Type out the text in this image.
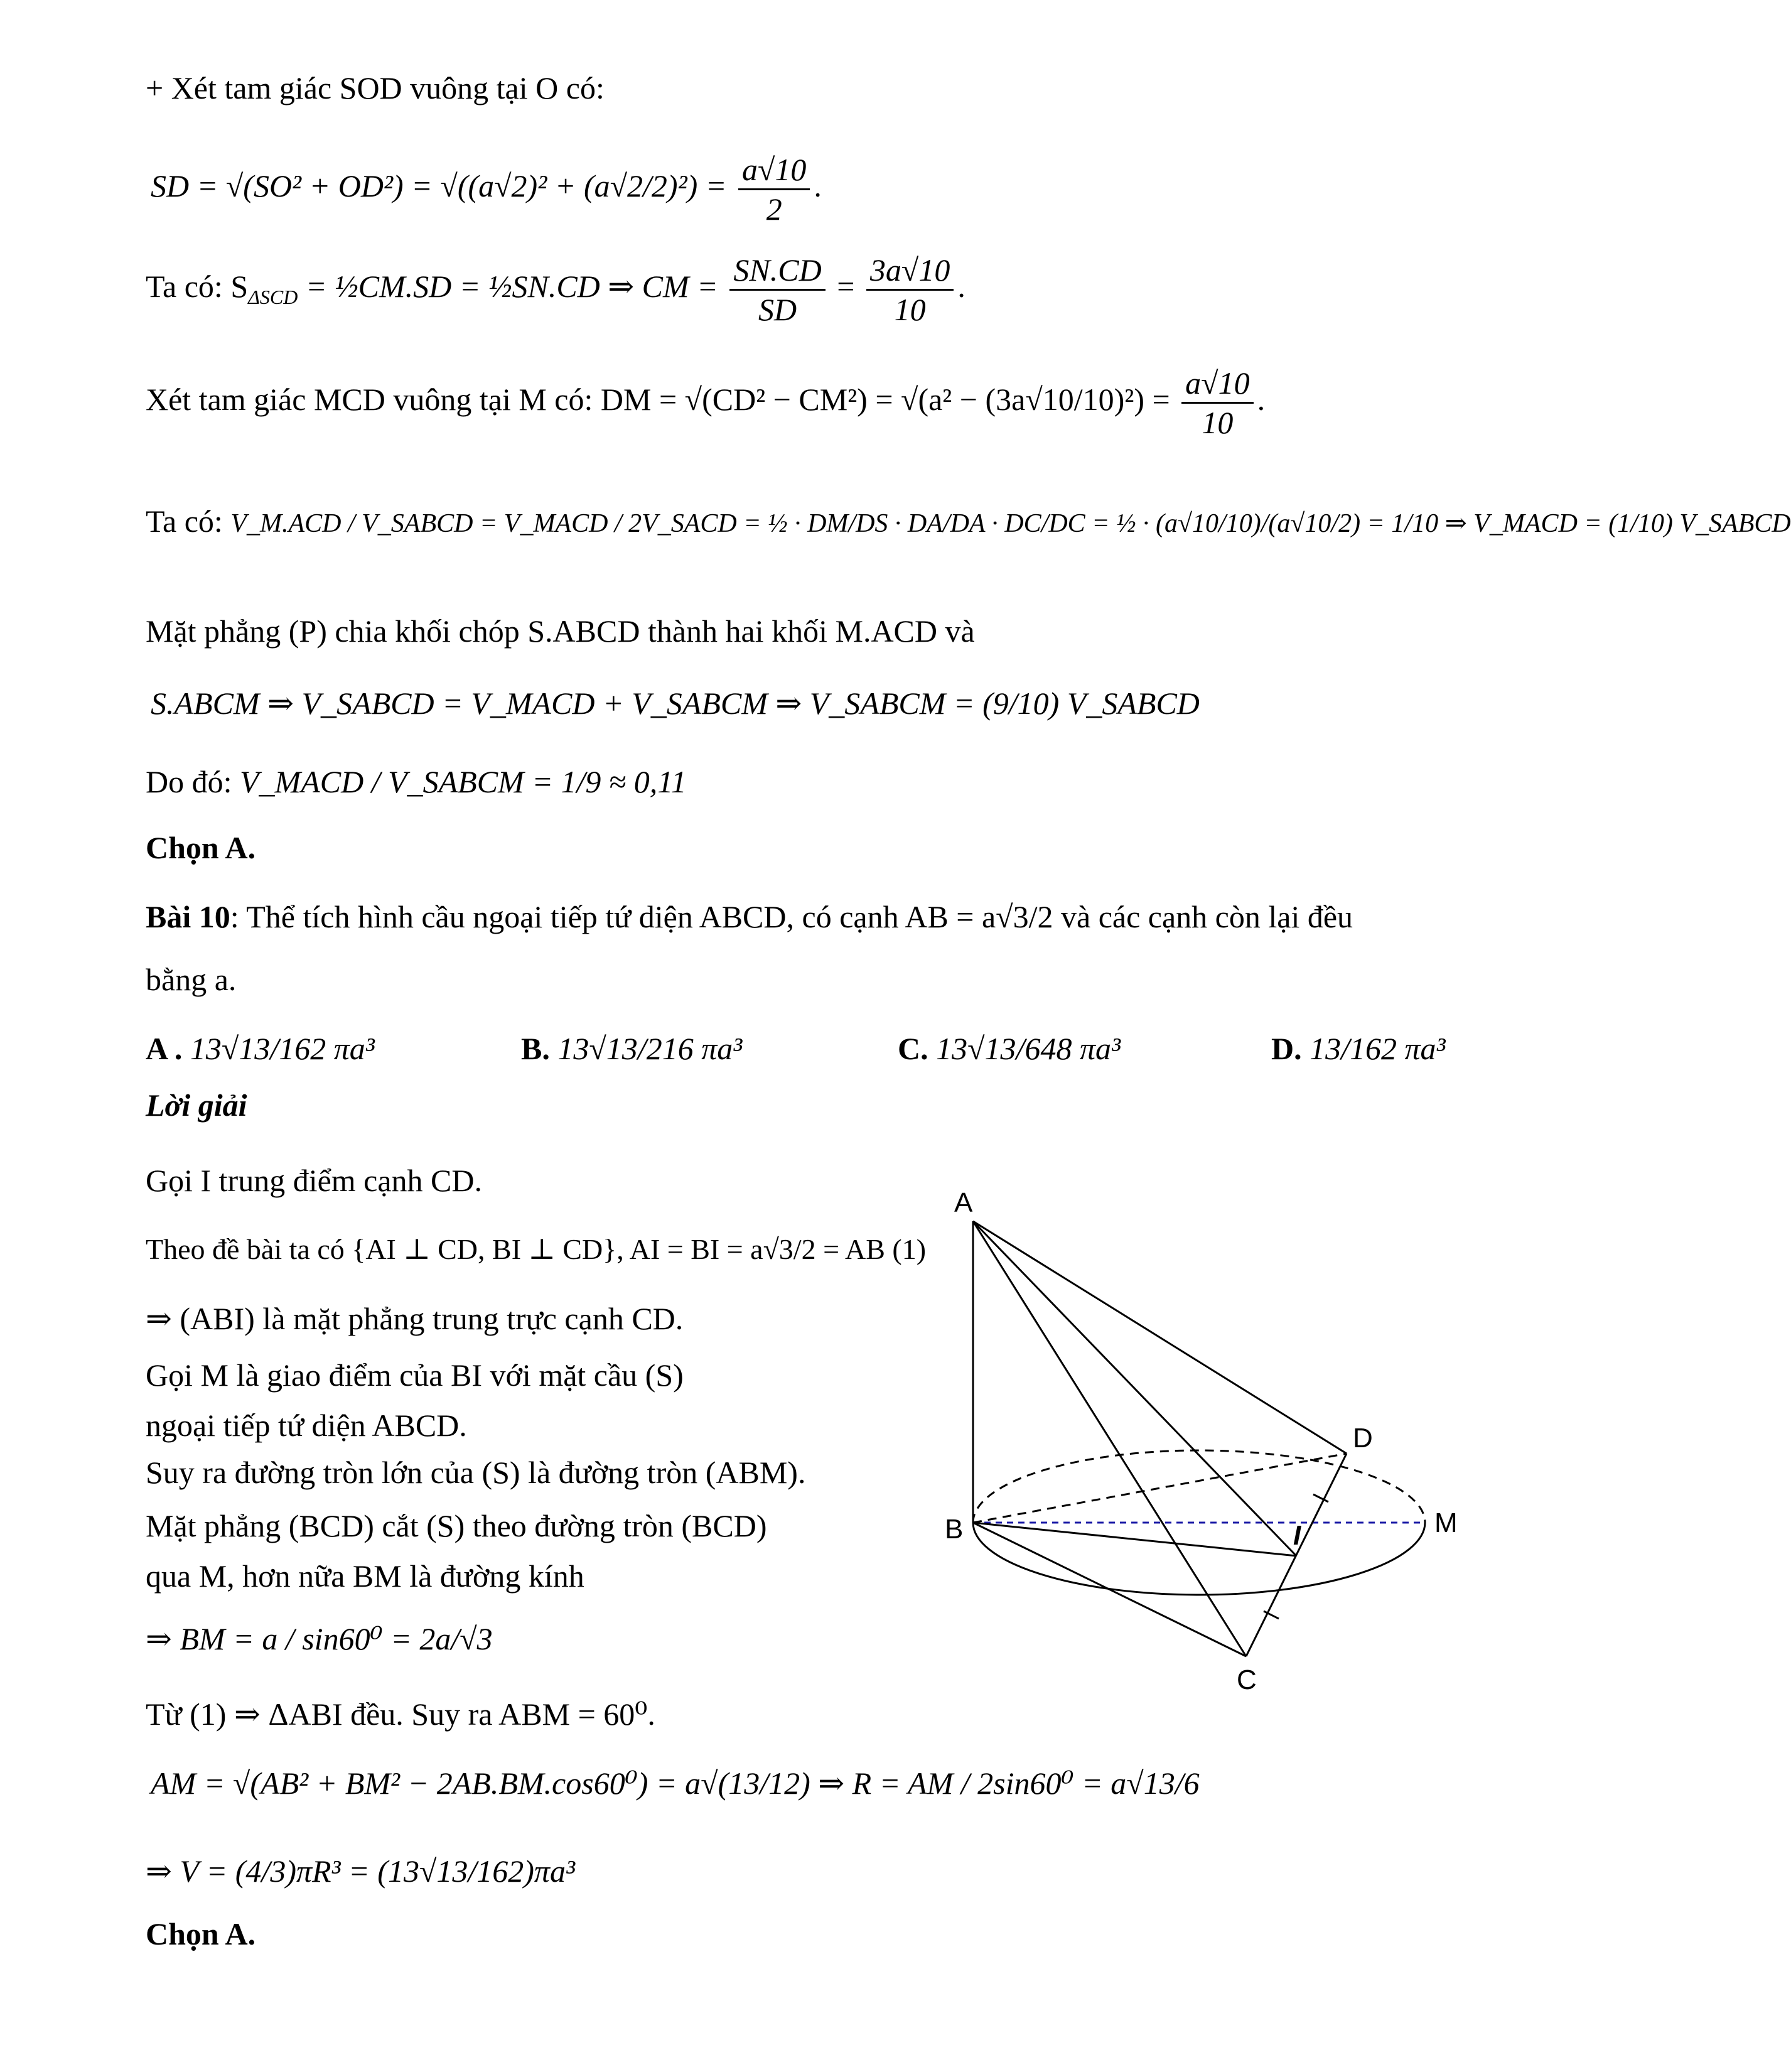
+ Xét tam giác SOD vuông tại O có:
SD = $√(SO^2 + OD^2) = √((a√2)^2 + (a√2/2)^2) = \frac{a√10}{2}$ .
Ta có: $S_{\Delta SCD}$ = ½CM.SD = ½SN.CD ⇒ CM = $\frac{SN.CD}{SD} = \frac{3a√10}{10}$ .
Xét tam giác MCD vuông tại M có: DM = $√(CD^2 - CM^2) = √(a^2 - (3a√10/10)^2) = \frac{a√10}{10}$ .
Ta có: V_M.ACD / V_SABCD = V_MACD / 2V_SACD = ½ · DM/DS · DA/DA · DC/DC = ½ · (a√10/10)/(a√10/2) = 1/10 ⇒ V_MACD = (1/10) V_SABCD
Mặt phẳng (P) chia khối chóp S.ABCD thành hai khối M.ACD và
S.ABCM ⇒ V_SABCD = V_MACD + V_SABCM ⇒ V_SABCM = (9/10) V_SABCD
Do đó: V_MACD / V_SABCM = 1/9 ≈ 0,11
Chọn A.
Bài 10: Thể tích hình cầu ngoại tiếp tứ diện ABCD, có cạnh AB = a√3/2 và các cạnh còn lại đều
bằng a.
A . 13√13/162 πa³	B. 13√13/216 πa³	C. 13√13/648 πa³	D. 13/162 πa³
Lời giải
Gọi I trung điểm cạnh CD.
Theo đề bài ta có {AI ⊥ CD, BI ⊥ CD}, AI = BI = a√3/2 = AB (1)
⇒ (ABI) là mặt phẳng trung trực cạnh CD.
Gọi M là giao điểm của BI với mặt cầu (S)
ngoại tiếp tứ diện ABCD.
Suy ra đường tròn lớn của (S) là đường tròn (ABM).
Mặt phẳng (BCD) cắt (S) theo đường tròn (BCD)
qua M, hơn nữa BM là đường kính
⇒ BM = a / sin60⁰ = 2a/√3
Từ (1) ⇒ ΔABI đều. Suy ra ABM = 60⁰.
AM = √(AB² + BM² − 2AB.BM.cos60⁰) = a√(13/12) ⇒ R = AM / 2sin60⁰ = a√13/6
⇒ V = (4/3)πR³ = (13√13/162)πa³
Chọn A.
A
B
C
D
I	M
